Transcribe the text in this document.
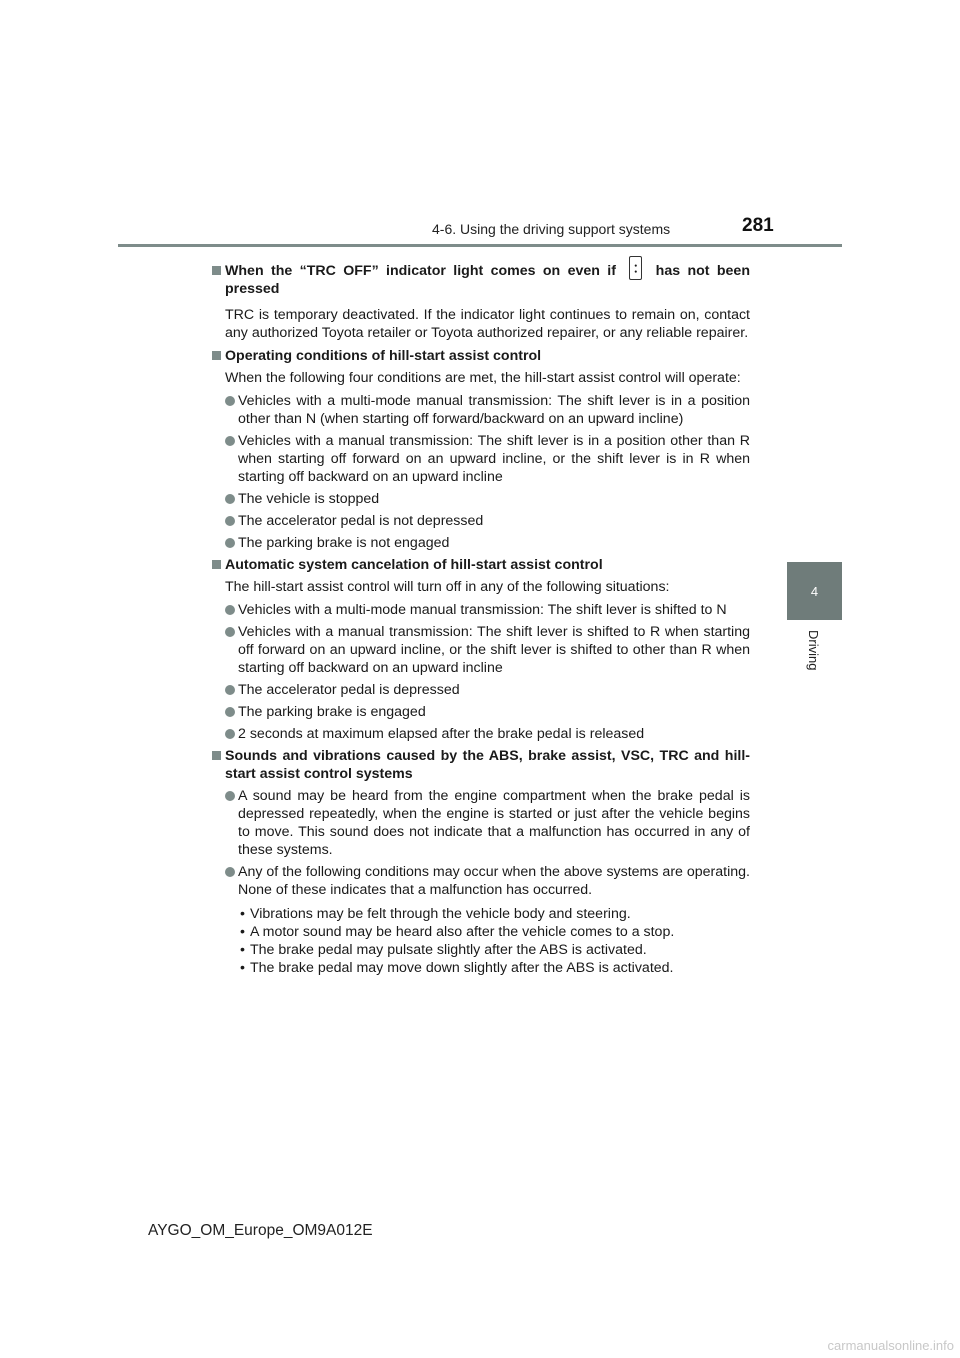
4-6. Using the driving support systems	281
4
Driving
When the “TRC OFF” indicator light comes on even if	●
● has not been pressed
TRC is temporary deactivated. If the indicator light continues to remain on, contact any authorized Toyota retailer or Toyota authorized repairer, or any reliable repairer.
Operating conditions of hill-start assist control
When the following four conditions are met, the hill-start assist control will operate:
Vehicles with a multi-mode manual transmission: The shift lever is in a position other than N (when starting off forward/backward on an upward incline)
Vehicles with a manual transmission: The shift lever is in a position other than R when starting off forward on an upward incline, or the shift lever is in R when starting off backward on an upward incline
The vehicle is stopped
The accelerator pedal is not depressed
The parking brake is not engaged
Automatic system cancelation of hill-start assist control
The hill-start assist control will turn off in any of the following situations:
Vehicles with a multi-mode manual transmission: The shift lever is shifted to N
Vehicles with a manual transmission: The shift lever is shifted to R when starting off forward on an upward incline, or the shift lever is shifted to other than R when starting off backward on an upward incline
The accelerator pedal is depressed
The parking brake is engaged
2 seconds at maximum elapsed after the brake pedal is released
Sounds and vibrations caused by the ABS, brake assist, VSC, TRC and hill-start assist control systems
A sound may be heard from the engine compartment when the brake pedal is depressed repeatedly, when the engine is started or just after the vehicle begins to move. This sound does not indicate that a malfunction has occurred in any of these systems.
Any of the following conditions may occur when the above systems are operating. None of these indicates that a malfunction has occurred.
• Vibrations may be felt through the vehicle body and steering.
• A motor sound may be heard also after the vehicle comes to a stop.
• The brake pedal may pulsate slightly after the ABS is activated.
• The brake pedal may move down slightly after the ABS is activated.
AYGO_OM_Europe_OM9A012E
carmanualsonline.info
